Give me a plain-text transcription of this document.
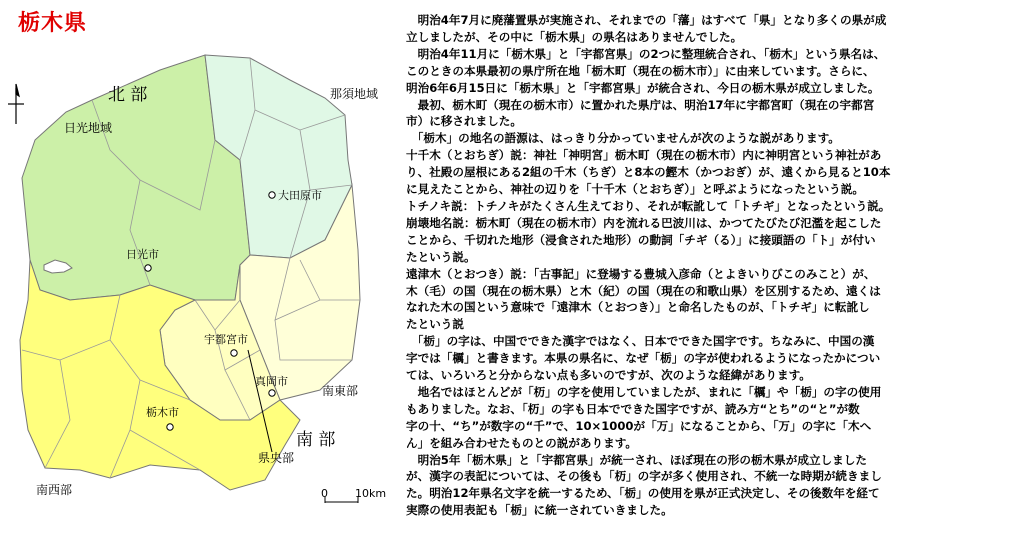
栃木県
北 部
南 部
日光地域
那須地域
南東部
県央部
南西部
大田原市
日光市
宇都宮市
真岡市
栃木市
0 10km

　明治4年7月に廃藩置県が実施され、それまでの「藩」はすべて「県」となり多くの県が成

立しましたが、その中に「栃木県」の県名はありませんでした。

　明治4年11月に「栃木県」と「宇都宮県」の2つに整理統合され、「栃木」という県名は、

このときの本県最初の県庁所在地「栃木町（現在の栃木市）」に由来しています。さらに、

明治6年6月15日に「栃木県」と「宇都宮県」が統合され、今日の栃木県が成立しました。

　最初、栃木町（現在の栃木市）に置かれた県庁は、明治17年に宇都宮町（現在の宇都宮

市）に移されました。

　「栃木」の地名の語源は、はっきり分かっていませんが次のような説があります。

十千木（とおちぎ）説：神社「神明宮」栃木町（現在の栃木市）内に神明宮という神社があ

り、社殿の屋根にある2組の千木（ちぎ）と8本の鰹木（かつおぎ）が、遠くから見ると10本

に見えたことから、神社の辺りを「十千木（とおちぎ）」と呼ぶようになったという説。

トチノキ説：トチノキがたくさん生えており、それが転訛して「トチギ」となったという説。

崩壊地名説：栃木町（現在の栃木市）内を流れる巴波川は、かつてたびたび氾濫を起こした

ことから、千切れた地形（浸食された地形）の動詞「チギ（る）」に接頭語の「ト」が付い

たという説。

遠津木（とおつき）説：「古事記」に登場する豊城入彦命（とよきいりびこのみこと）が、

木（毛）の国（現在の栃木県）と木（紀）の国（現在の和歌山県）を区別するため、遠くは

なれた木の国という意味で「遠津木（とおつき）」と命名したものが、「トチギ」に転訛し

たという説

　「栃」の字は、中国でできた漢字ではなく、日本でできた国字です。ちなみに、中国の漢

字では「櫔」と書きます。本県の県名に、なぜ「栃」の字が使われるようになったかについ

ては、いろいろと分からない点も多いのですが、次のような経緯があります。

　地名ではほとんどが「杤」の字を使用していましたが、まれに「櫔」や「栃」の字の使用

もありました。なお、「杤」の字も日本でできた国字ですが、読み方“とち”の“と”が数

字の十、“ち”が数字の“千”で、10×1000が「万」になることから、「万」の字に「木へ

ん」を組み合わせたものとの説があります。

　明治5年「栃木県」と「宇都宮県」が統一され、ほぼ現在の形の栃木県が成立しました

が、漢字の表記については、その後も「杤」の字が多く使用され、不統一な時期が続きまし

た。明治12年県名文字を統一するため、「栃」の使用を県が正式決定し、その後数年を経て

実際の使用表記も「栃」に統一されていきました。
